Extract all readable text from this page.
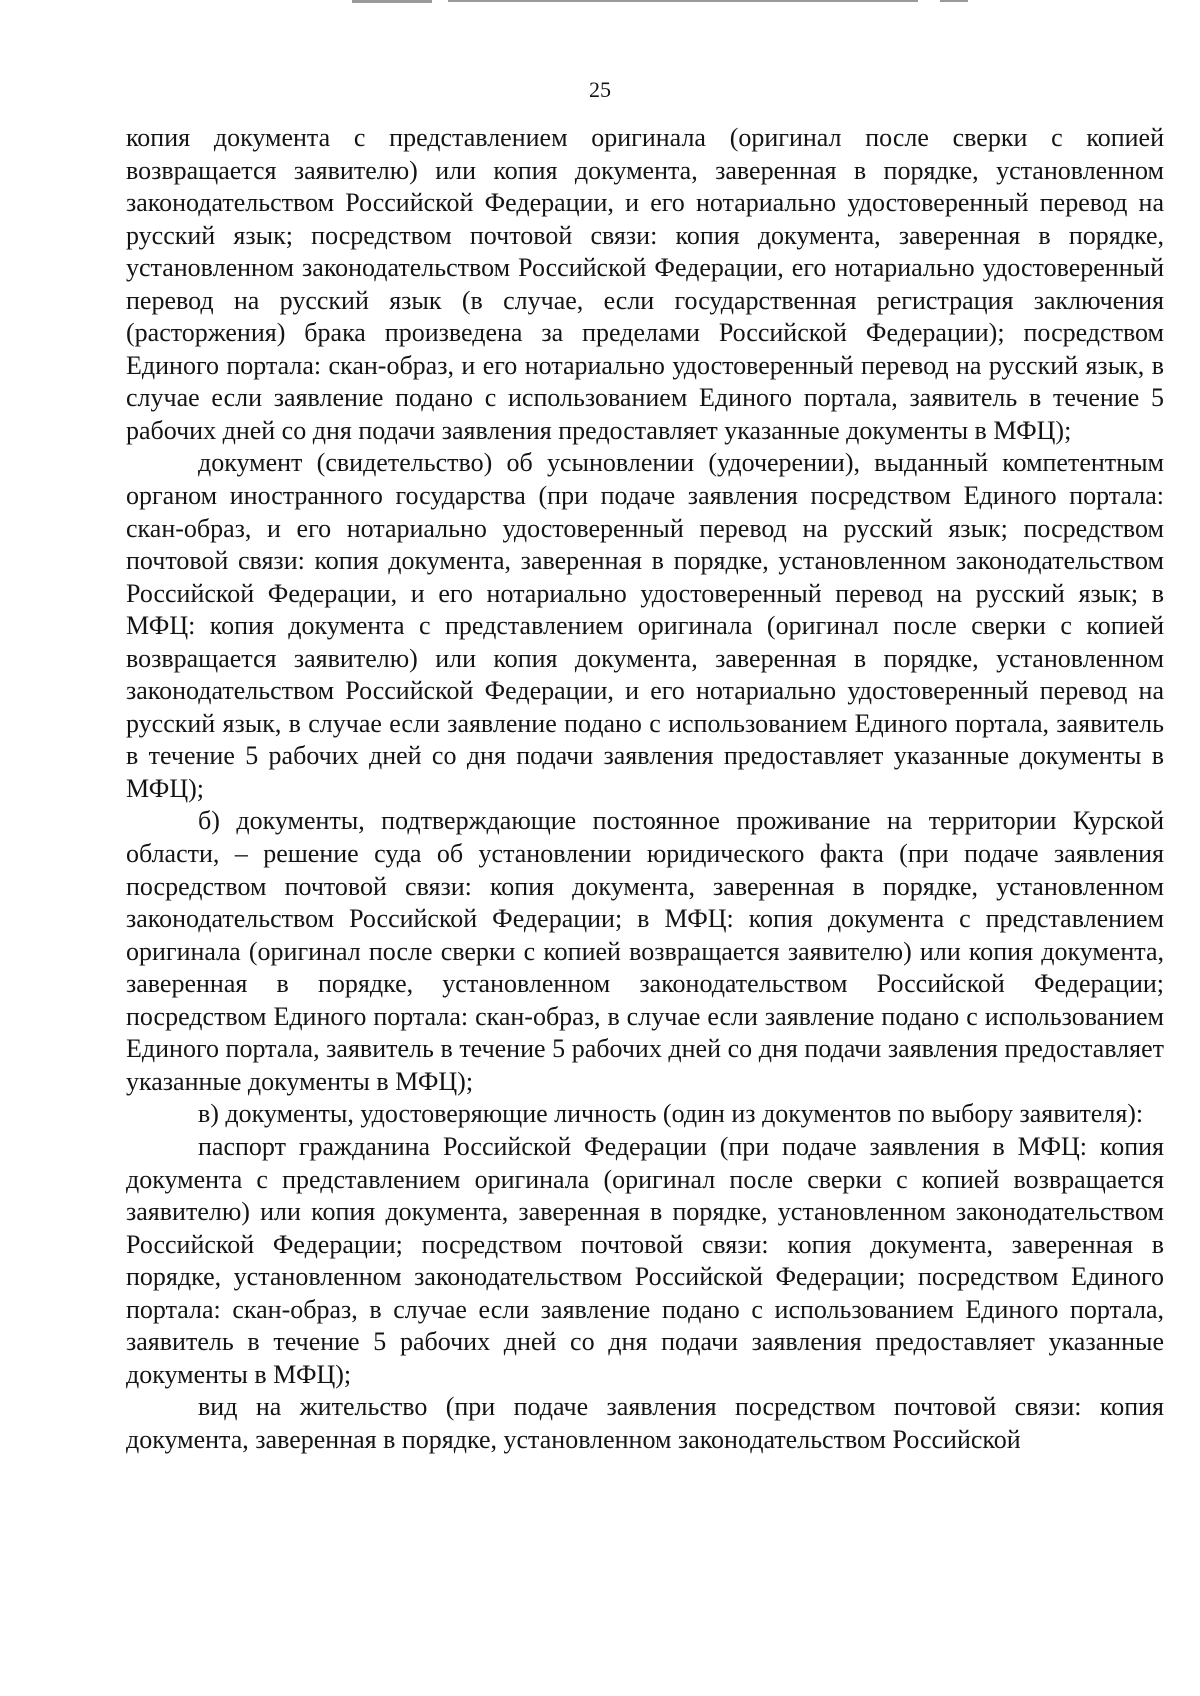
25

копия документа с представлением оригинала (оригинал после сверки с копией возвращается заявителю) или копия документа, заверенная в порядке, установленном законодательством Российской Федерации, и его нотариально удостоверенный перевод на русский язык; посредством почтовой связи: копия документа, заверенная в порядке, установленном законодательством Российской Федерации, его нотариально удостоверенный перевод на русский язык (в случае, если государственная регистрация заключения (расторжения) брака произведена за пределами Российской Федерации); посредством Единого портала: скан-образ, и его нотариально удостоверенный перевод на русский язык, в случае если заявление подано с использованием Единого портала, заявитель в течение 5 рабочих дней со дня подачи заявления предоставляет указанные документы в МФЦ);

документ (свидетельство) об усыновлении (удочерении), выданный компетентным органом иностранного государства (при подаче заявления посредством Единого портала: скан-образ, и его нотариально удостоверенный перевод на русский язык; посредством почтовой связи: копия документа, заверенная в порядке, установленном законодательством Российской Федерации, и его нотариально удостоверенный перевод на русский язык; в МФЦ: копия документа с представлением оригинала (оригинал после сверки с копией возвращается заявителю) или копия документа, заверенная в порядке, установленном законодательством Российской Федерации, и его нотариально удостоверенный перевод на русский язык, в случае если заявление подано с использованием Единого портала, заявитель в течение 5 рабочих дней со дня подачи заявления предоставляет указанные документы в МФЦ);

б) документы, подтверждающие постоянное проживание на территории Курской области, – решение суда об установлении юридического факта (при подаче заявления посредством почтовой связи: копия документа, заверенная в порядке, установленном законодательством Российской Федерации; в МФЦ: копия документа с представлением оригинала (оригинал после сверки с копией возвращается заявителю) или копия документа, заверенная в порядке, установленном законодательством Российской Федерации; посредством Единого портала: скан-образ, в случае если заявление подано с использованием Единого портала, заявитель в течение 5 рабочих дней со дня подачи заявления предоставляет указанные документы в МФЦ);

в) документы, удостоверяющие личность (один из документов по выбору заявителя):

паспорт гражданина Российской Федерации (при подаче заявления в МФЦ: копия документа с представлением оригинала (оригинал после сверки с копией возвращается заявителю) или копия документа, заверенная в порядке, установленном законодательством Российской Федерации; посредством почтовой связи: копия документа, заверенная в порядке, установленном законодательством Российской Федерации; посредством Единого портала: скан-образ, в случае если заявление подано с использованием Единого портала, заявитель в течение 5 рабочих дней со дня подачи заявления предоставляет указанные документы в МФЦ);

вид на жительство (при подаче заявления посредством почтовой связи: копия документа, заверенная в порядке, установленном законодательством Российской
